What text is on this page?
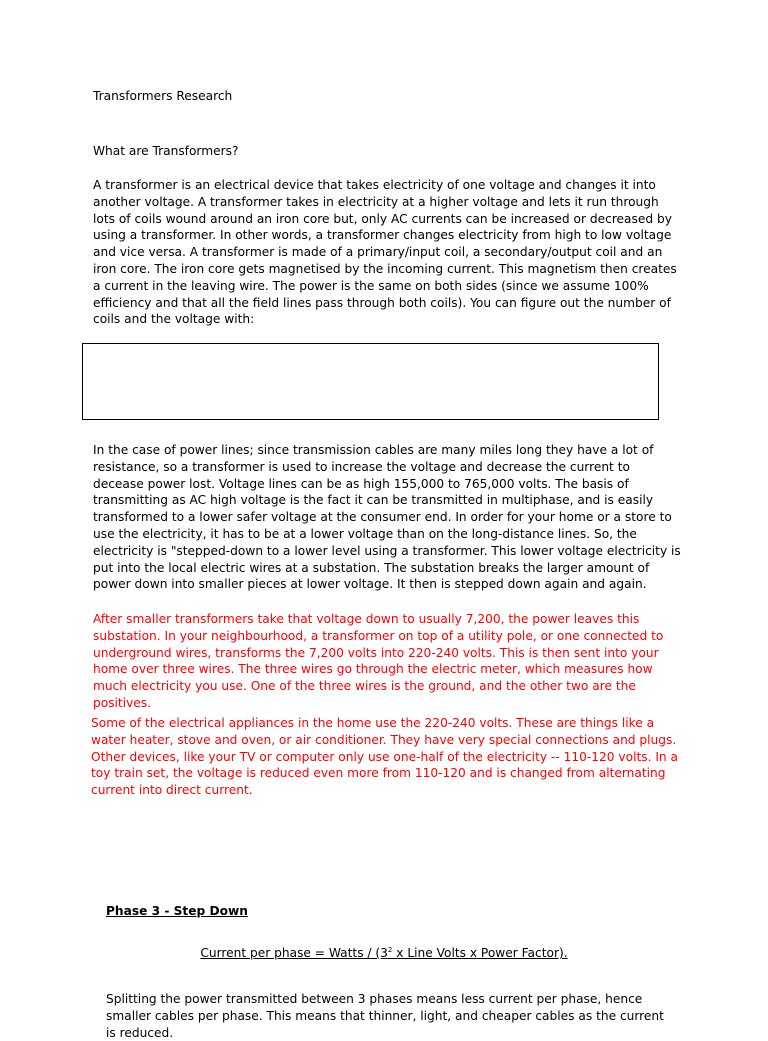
Transformers Research
What are Transformers?
A transformer is an electrical device that takes electricity of one voltage and changes it into another voltage. A transformer takes in electricity at a higher voltage and lets it run through lots of coils wound around an iron core but, only AC currents can be increased or decreased by using a transformer. In other words, a transformer changes electricity from high to low voltage and vice versa. A transformer is made of a primary/input coil, a secondary/output coil and an iron core. The iron core gets magnetised by the incoming current. This magnetism then creates a current in the leaving wire. The power is the same on both sides (since we assume 100% efficiency and that all the field lines pass through both coils). You can figure out the number of coils and the voltage with:
In the case of power lines; since transmission cables are many miles long they have a lot of resistance, so a transformer is used to increase the voltage and decrease the current to decease power lost. Voltage lines can be as high 155,000 to 765,000 volts. The basis of transmitting as AC high voltage is the fact it can be transmitted in multiphase, and is easily transformed to a lower safer voltage at the consumer end. In order for your home or a store to use the electricity, it has to be at a lower voltage than on the long-distance lines. So, the electricity is "stepped-down to a lower level using a transformer. This lower voltage electricity is put into the local electric wires at a substation. The substation breaks the larger amount of power down into smaller pieces at lower voltage. It then is stepped down again and again.
After smaller transformers take that voltage down to usually 7,200, the power leaves this substation. In your neighbourhood, a transformer on top of a utility pole, or one connected to underground wires, transforms the 7,200 volts into 220-240 volts. This is then sent into your home over three wires. The three wires go through the electric meter, which measures how much electricity you use. One of the three wires is the ground, and the other two are the positives.
Some of the electrical appliances in the home use the 220-240 volts. These are things like a water heater, stove and oven, or air conditioner. They have very special connections and plugs. Other devices, like your TV or computer only use one-half of the electricity -- 110-120 volts. In a toy train set, the voltage is reduced even more from 110-120 and is changed from alternating current into direct current.
Phase 3 - Step Down
Current per phase = Watts / ($3^2$ x Line Volts x Power Factor).
Splitting the power transmitted between 3 phases means less current per phase, hence smaller cables per phase. This means that thinner, light, and cheaper cables as the current is reduced.
